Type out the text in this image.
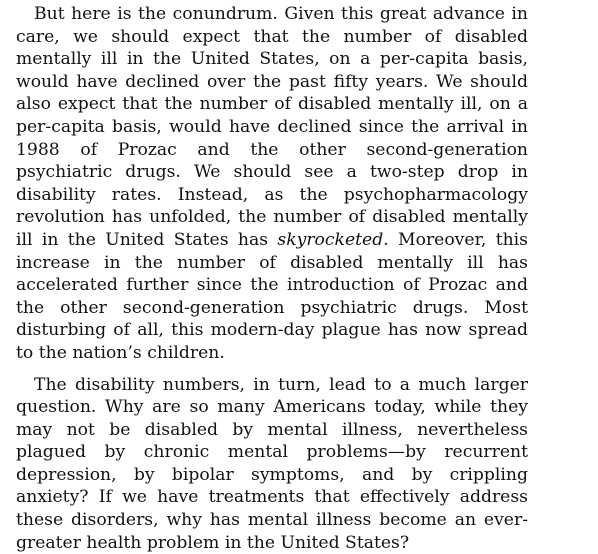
But here is the conundrum. Given this great advance in care, we should expect that the number of disabled mentally ill in the United States, on a per-capita basis, would have declined over the past fifty years. We should also expect that the number of disabled mentally ill, on a per-capita basis, would have declined since the arrival in 1988 of Prozac and the other second-generation psychiatric drugs. We should see a two-step drop in disability rates. Instead, as the psychopharmacology revolution has unfolded, the number of disabled mentally ill in the United States has skyrocketed. Moreover, this increase in the number of disabled mentally ill has accelerated further since the introduction of Prozac and the other second-generation psychiatric drugs. Most disturbing of all, this modern-day plague has now spread to the nation’s children.

The disability numbers, in turn, lead to a much larger question. Why are so many Americans today, while they may not be disabled by mental illness, nevertheless plagued by chronic mental problems—by recurrent depression, by bipolar symptoms, and by crippling anxiety? If we have treatments that effectively address these disorders, why has mental illness become an ever-greater health problem in the United States?
